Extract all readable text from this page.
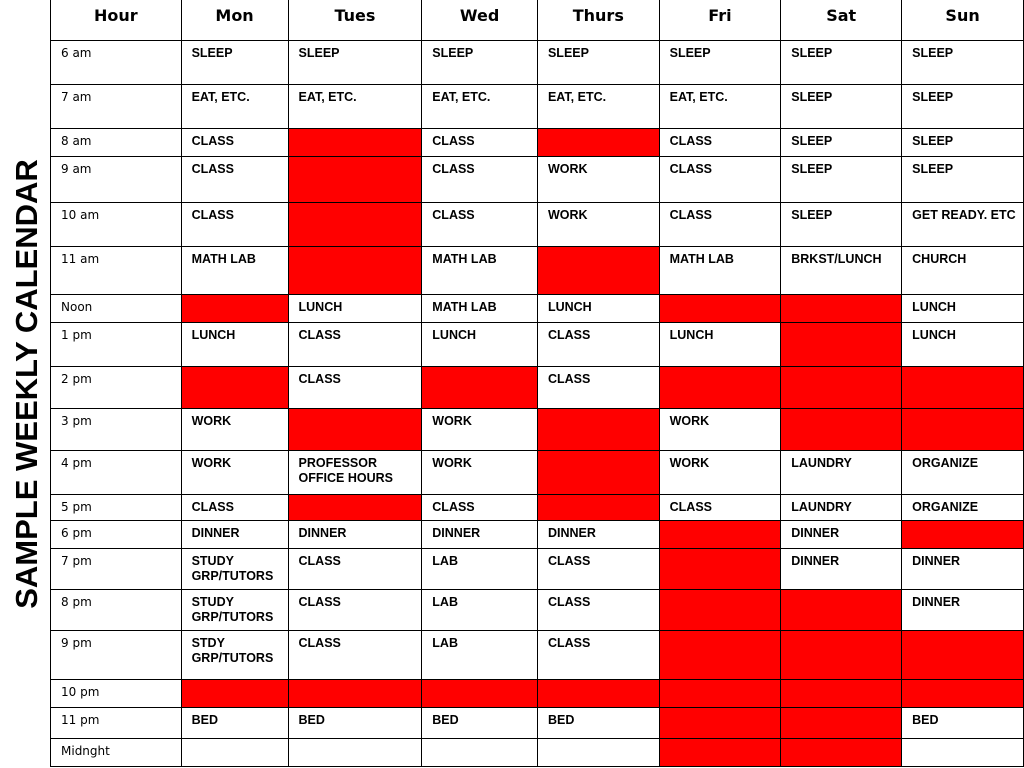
SAMPLE WEEKLY CALENDAR
Hour	Mon	Tues	Wed	Thurs	Fri	Sat	Sun
6 am	SLEEP	SLEEP	SLEEP	SLEEP	SLEEP	SLEEP	SLEEP
7 am	EAT, ETC.	EAT, ETC.	EAT, ETC.	EAT, ETC.	EAT, ETC.	SLEEP	SLEEP
8 am	CLASS		CLASS		CLASS	SLEEP	SLEEP
9 am	CLASS		CLASS	WORK	CLASS	SLEEP	SLEEP
10 am	CLASS		CLASS	WORK	CLASS	SLEEP	GET READY. ETC
11 am	MATH LAB		MATH LAB		MATH LAB	BRKST/LUNCH	CHURCH
Noon		LUNCH	MATH LAB	LUNCH			LUNCH
1 pm	LUNCH	CLASS	LUNCH	CLASS	LUNCH		LUNCH
2 pm		CLASS		CLASS			
3 pm	WORK		WORK		WORK		
4 pm	WORK	PROFESSOR OFFICE HOURS	WORK		WORK	LAUNDRY	ORGANIZE
5 pm	CLASS		CLASS		CLASS	LAUNDRY	ORGANIZE
6 pm	DINNER	DINNER	DINNER	DINNER		DINNER	
7 pm	STUDY GRP/TUTORS	CLASS	LAB	CLASS		DINNER	DINNER
8 pm	STUDY GRP/TUTORS	CLASS	LAB	CLASS			DINNER
9 pm	STDY GRP/TUTORS	CLASS	LAB	CLASS			
10 pm							
11 pm	BED	BED	BED	BED			BED
Midnght							
